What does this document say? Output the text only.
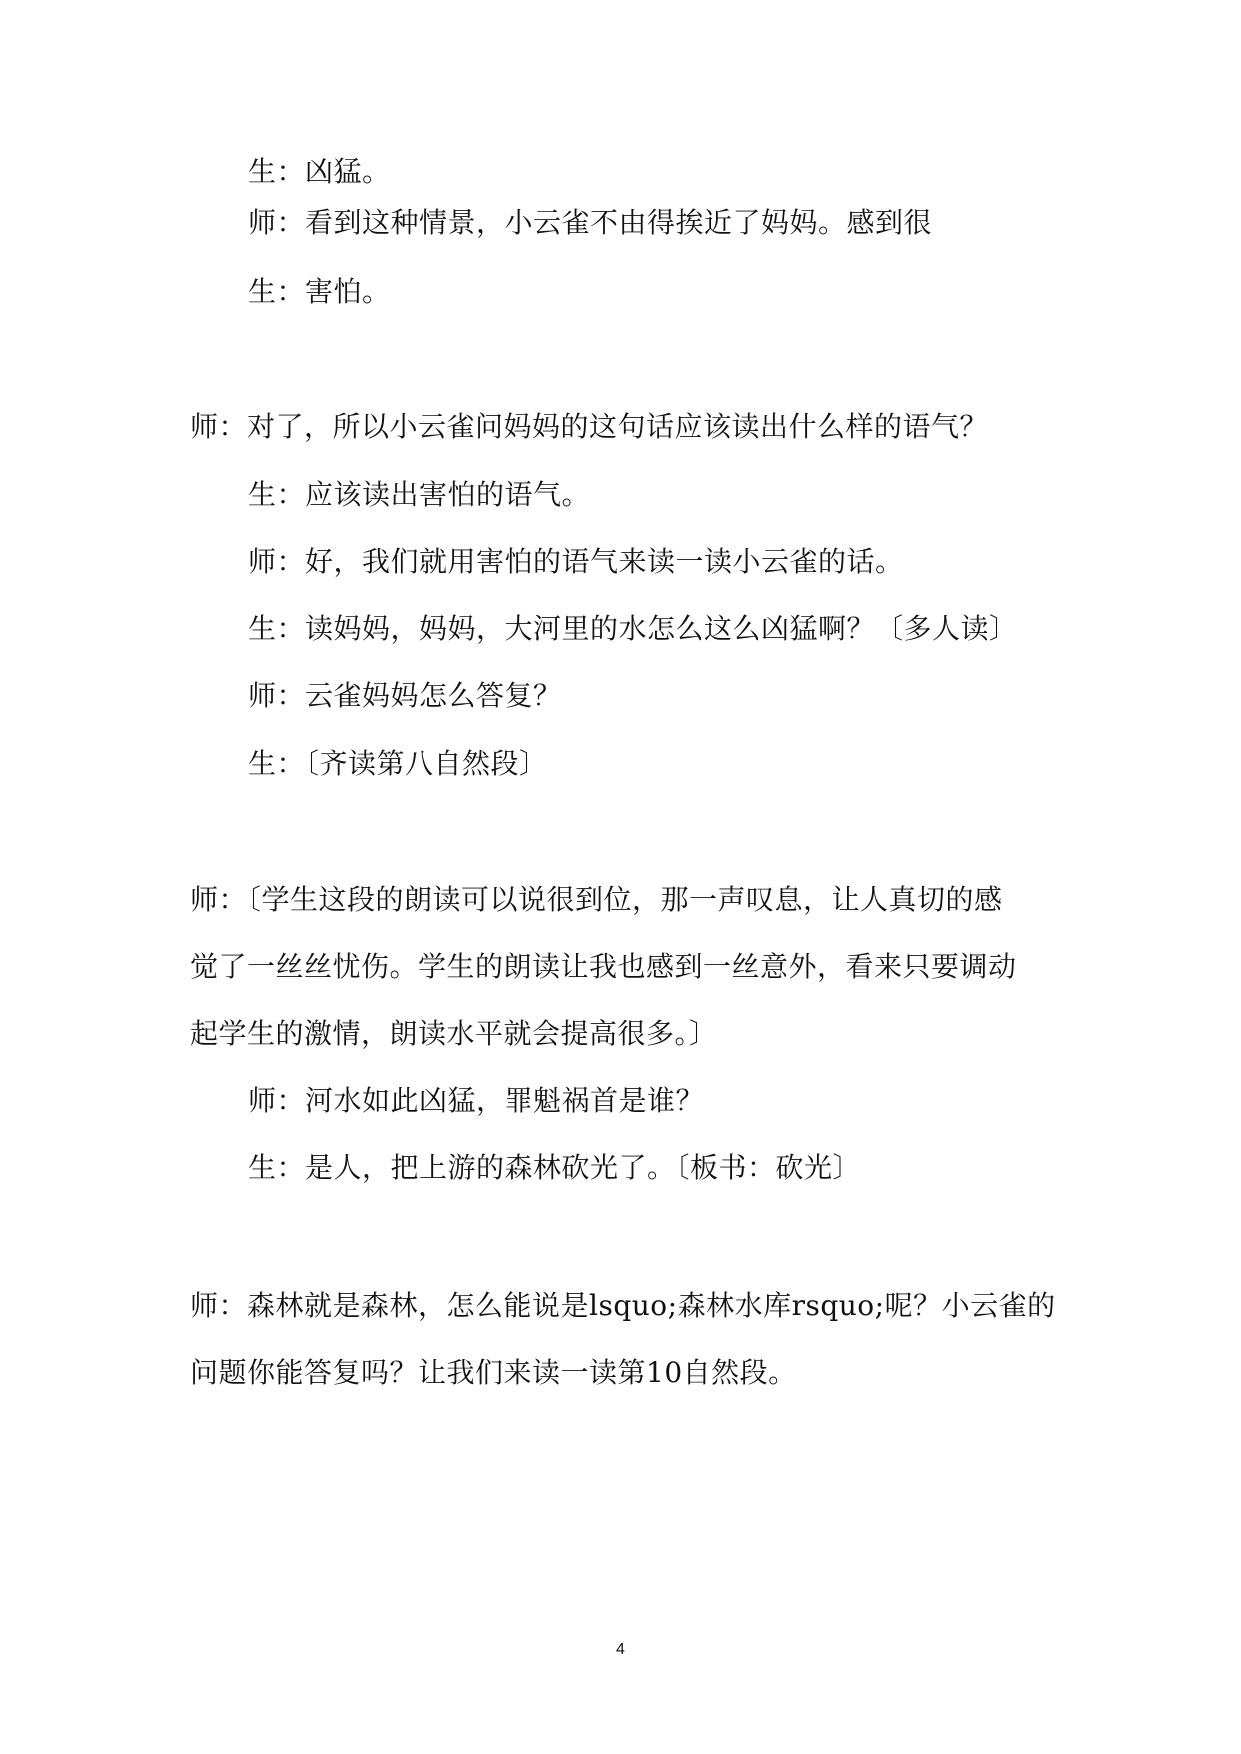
生：凶猛。

师：看到这种情景，小云雀不由得挨近了妈妈。感到很

生：害怕。

师：对了，所以小云雀问妈妈的这句话应该读出什么样的语气？

生：应该读出害怕的语气。

师：好，我们就用害怕的语气来读一读小云雀的话。

生：读妈妈，妈妈，大河里的水怎么这么凶猛啊？〔多人读〕

师：云雀妈妈怎么答复？

生：〔齐读第八自然段〕

师：〔学生这段的朗读可以说很到位，那一声叹息，让人真切的感

觉了一丝丝忧伤。学生的朗读让我也感到一丝意外，看来只要调动

起学生的激情，朗读水平就会提高很多。〕

师：河水如此凶猛，罪魁祸首是谁？

生：是人，把上游的森林砍光了。〔板书：砍光〕

师：森林就是森林，怎么能说是lsquo;森林水库rsquo;呢？小云雀的

问题你能答复吗？让我们来读一读第10自然段。

4
